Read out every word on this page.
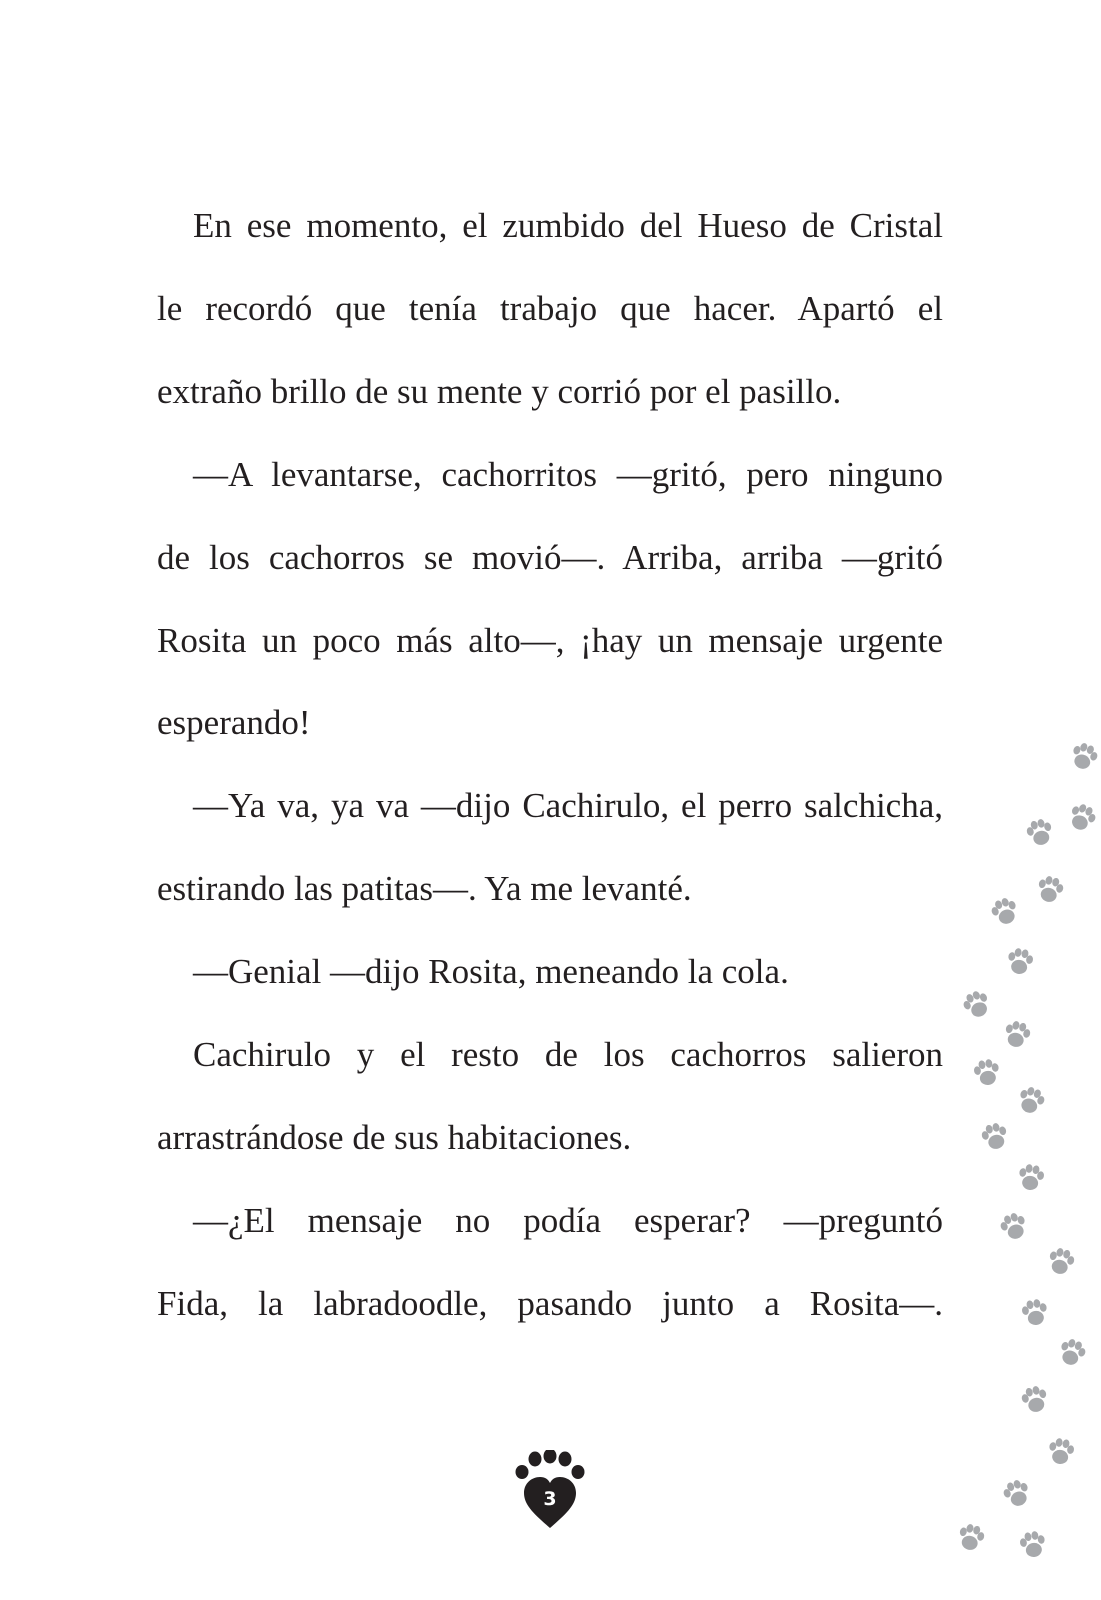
En ese momento, el zumbido del Hueso de Cristal
le recordó que tenía trabajo que hacer. Apartó el
extraño brillo de su mente y corrió por el pasillo.
—A levantarse, cachorritos —gritó, pero ninguno
de los cachorros se movió—. Arriba, arriba —gritó
Rosita un poco más alto—, ¡hay un mensaje urgente
esperando!
—Ya va, ya va —dijo Cachirulo, el perro salchicha,
estirando las patitas—. Ya me levanté.
—Genial —dijo Rosita, meneando la cola.
Cachirulo y el resto de los cachorros salieron
arrastrándose de sus habitaciones.
—¿El mensaje no podía esperar? —preguntó
Fida, la labradoodle, pasando junto a Rosita—.
3
